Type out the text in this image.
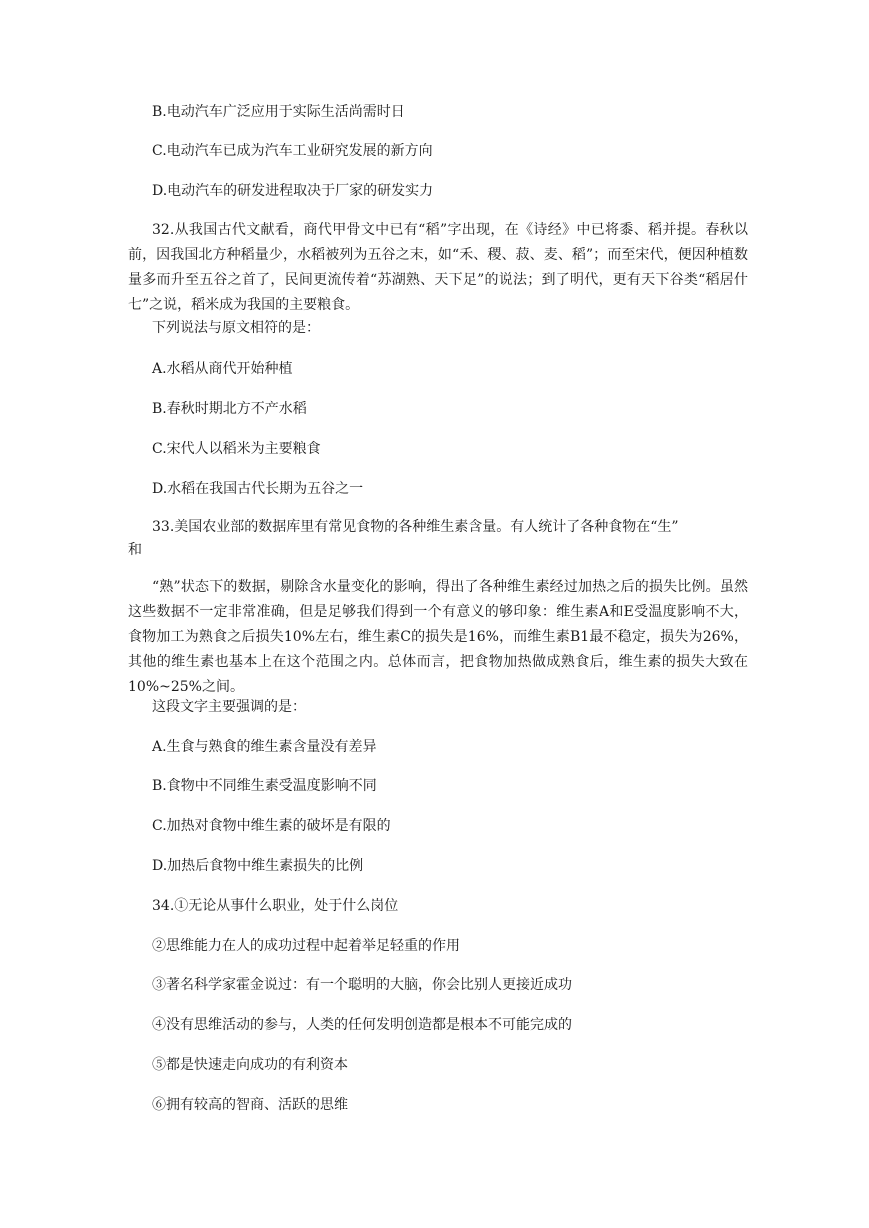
B.电动汽车广泛应用于实际生活尚需时日
C.电动汽车已成为汽车工业研究发展的新方向
D.电动汽车的研发进程取决于厂家的研发实力
32.从我国古代文献看，商代甲骨文中已有“稻”字出现，在《诗经》中已将黍、稻并提。春秋以前，因我国北方种稻量少，水稻被列为五谷之末，如“禾、稷、菽、麦、稻”；而至宋代，便因种植数量多而升至五谷之首了，民间更流传着“苏湖熟、天下足”的说法；到了明代，更有天下谷类“稻居什七”之说，稻米成为我国的主要粮食。
下列说法与原文相符的是：
A.水稻从商代开始种植
B.春秋时期北方不产水稻
C.宋代人以稻米为主要粮食
D.水稻在我国古代长期为五谷之一
33.美国农业部的数据库里有常见食物的各种维生素含量。有人统计了各种食物在“生”
和
“熟”状态下的数据，剔除含水量变化的影响，得出了各种维生素经过加热之后的损失比例。虽然这些数据不一定非常准确，但是足够我们得到一个有意义的够印象：维生素A和E受温度影响不大，食物加工为熟食之后损失10%左右，维生素C的损失是16%，而维生素B1最不稳定，损失为26%，其他的维生素也基本上在这个范围之内。总体而言，把食物加热做成熟食后，维生素的损失大致在10%~25%之间。
这段文字主要强调的是：
A.生食与熟食的维生素含量没有差异
B.食物中不同维生素受温度影响不同
C.加热对食物中维生素的破坏是有限的
D.加热后食物中维生素损失的比例
34.①无论从事什么职业，处于什么岗位
②思维能力在人的成功过程中起着举足轻重的作用
③著名科学家霍金说过：有一个聪明的大脑，你会比别人更接近成功
④没有思维活动的参与，人类的任何发明创造都是根本不可能完成的
⑤都是快速走向成功的有利资本
⑥拥有较高的智商、活跃的思维
